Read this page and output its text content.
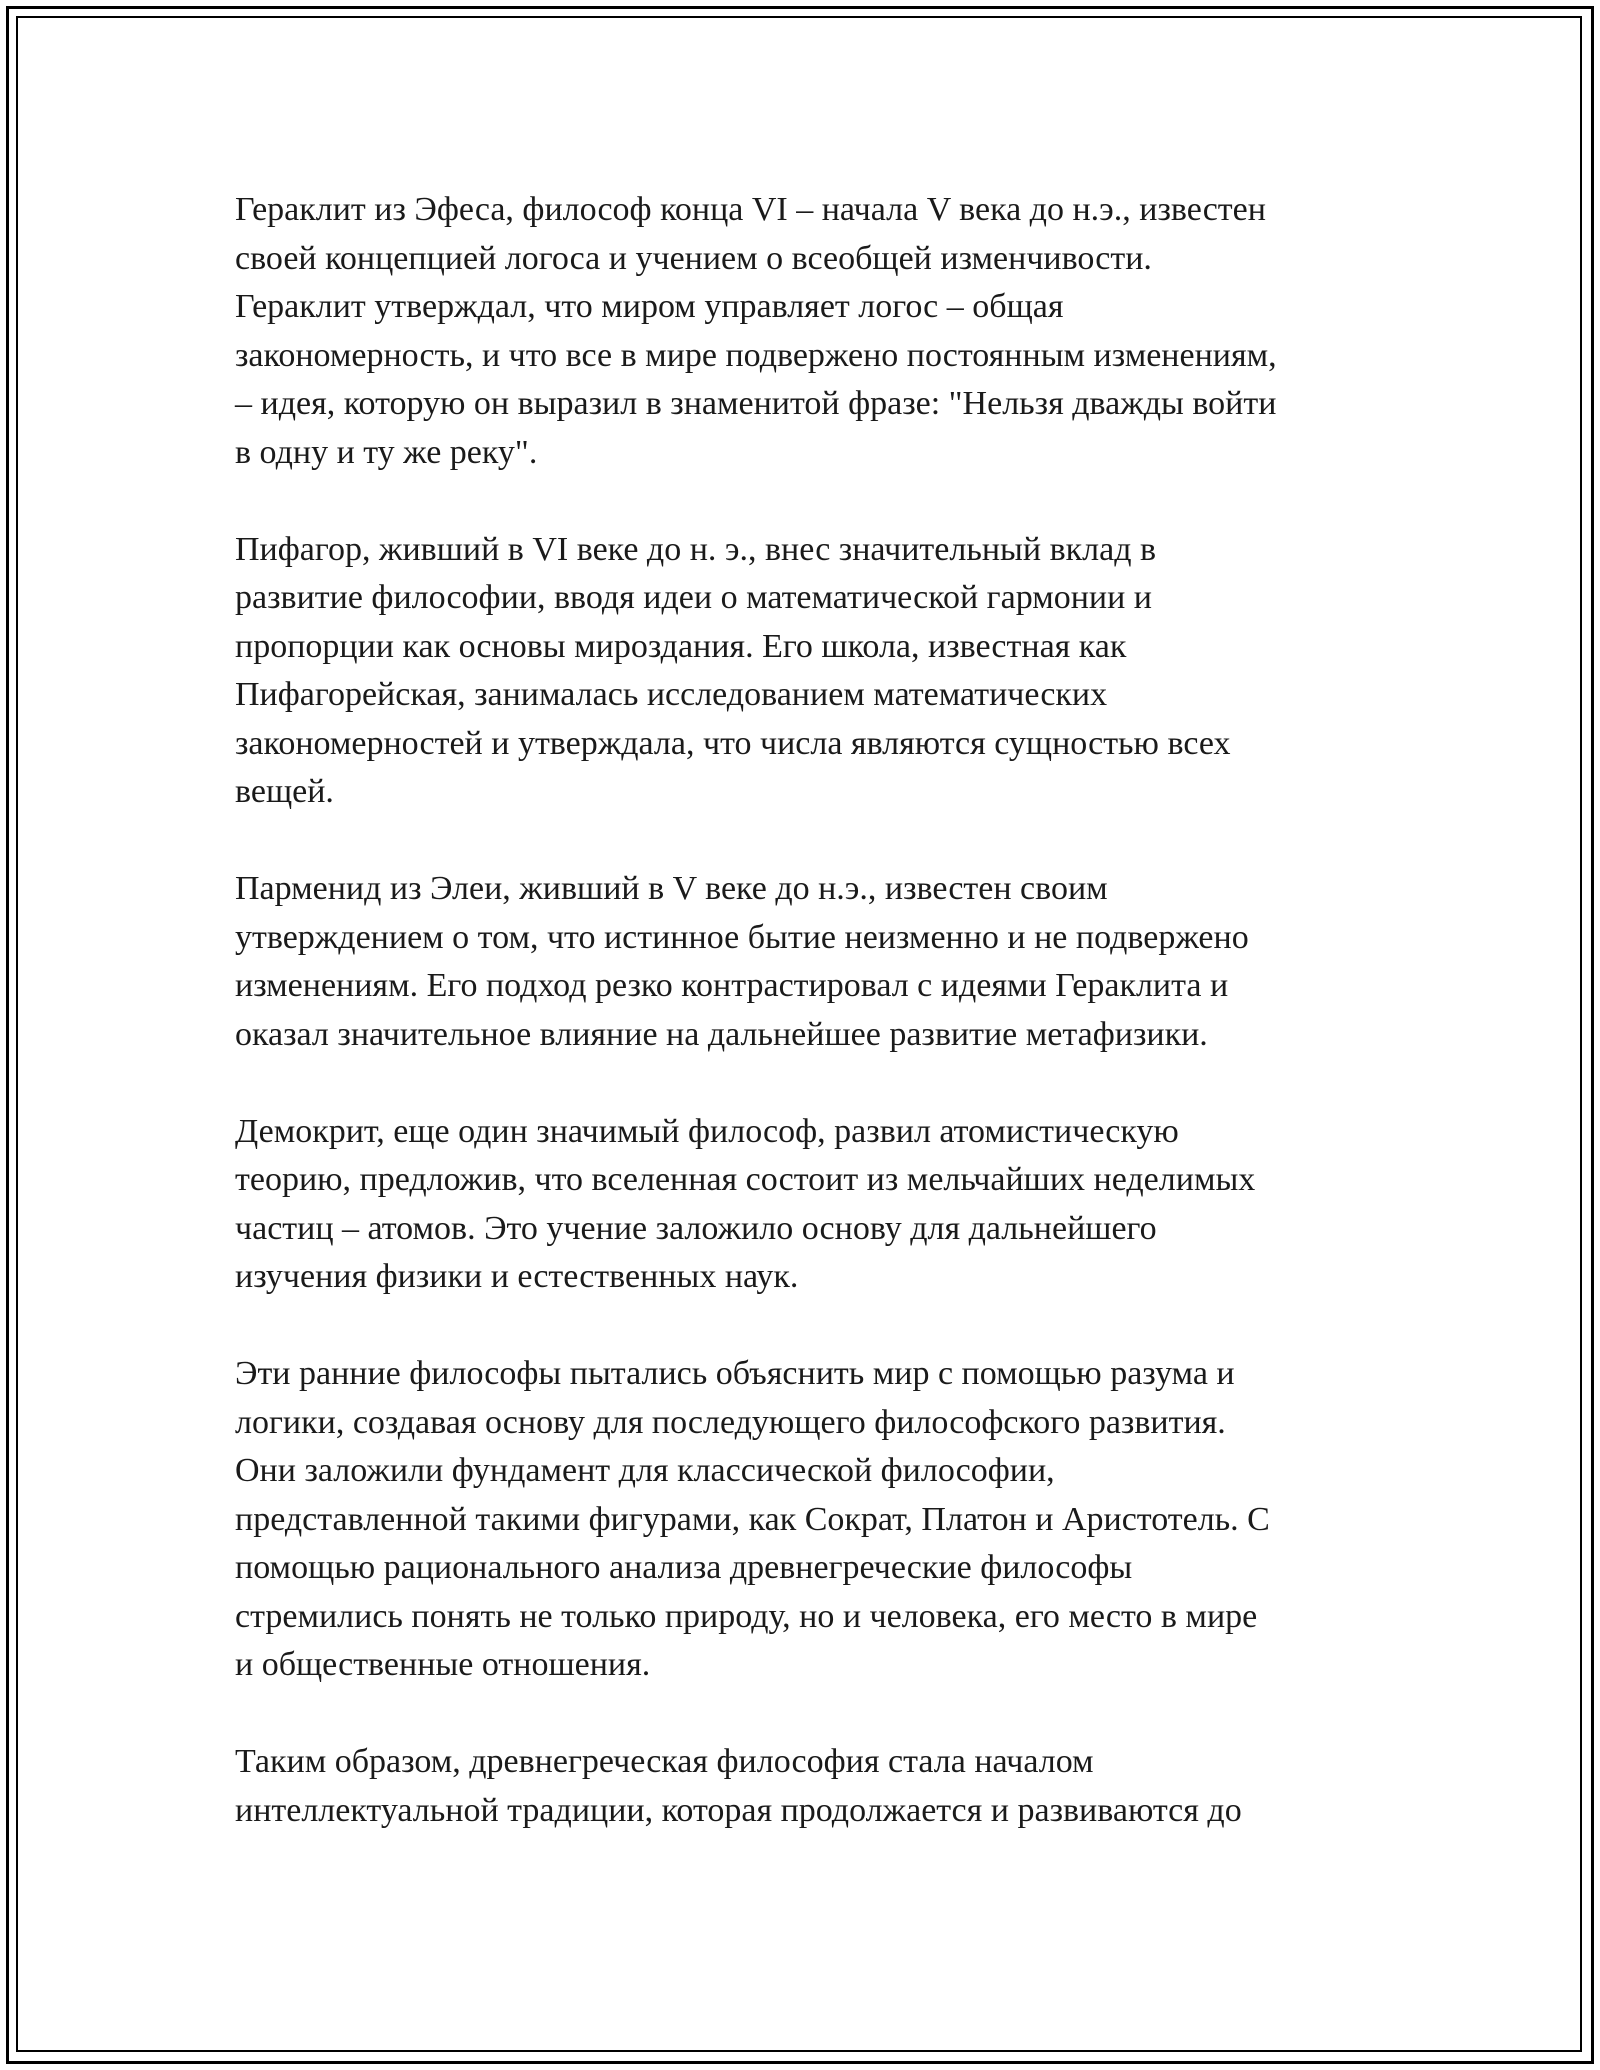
Гераклит из Эфеса, философ конца VI – начала V века до н.э., известен
своей концепцией логоса и учением о всеобщей изменчивости.
Гераклит утверждал, что миром управляет логос – общая
закономерность, и что все в мире подвержено постоянным изменениям,
– идея, которую он выразил в знаменитой фразе: "Нельзя дважды войти
в одну и ту же реку".

Пифагор, живший в VI веке до н. э., внес значительный вклад в
развитие философии, вводя идеи о математической гармонии и
пропорции как основы мироздания. Его школа, известная как
Пифагорейская, занималась исследованием математических
закономерностей и утверждала, что числа являются сущностью всех
вещей.

Парменид из Элеи, живший в V веке до н.э., известен своим
утверждением о том, что истинное бытие неизменно и не подвержено
изменениям. Его подход резко контрастировал с идеями Гераклита и
оказал значительное влияние на дальнейшее развитие метафизики.

Демокрит, еще один значимый философ, развил атомистическую
теорию, предложив, что вселенная состоит из мельчайших неделимых
частиц – атомов. Это учение заложило основу для дальнейшего
изучения физики и естественных наук.

Эти ранние философы пытались объяснить мир с помощью разума и
логики, создавая основу для последующего философского развития.
Они заложили фундамент для классической философии,
представленной такими фигурами, как Сократ, Платон и Аристотель. С
помощью рационального анализа древнегреческие философы
стремились понять не только природу, но и человека, его место в мире
и общественные отношения.

Таким образом, древнегреческая философия стала началом
интеллектуальной традиции, которая продолжается и развиваются до
